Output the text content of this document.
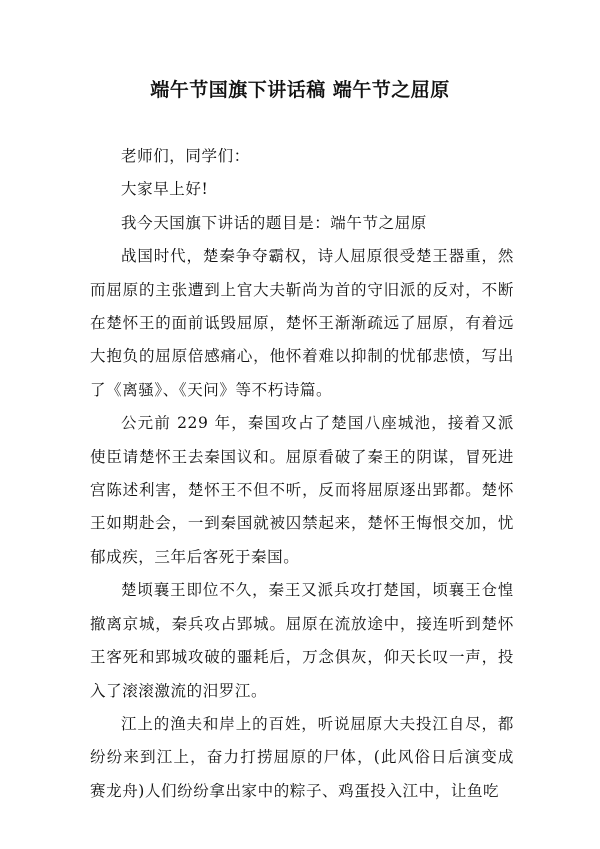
端午节国旗下讲话稿 端午节之屈原

老师们，同学们：

大家早上好!

我今天国旗下讲话的题目是：端午节之屈原

战国时代，楚秦争夺霸权，诗人屈原很受楚王器重，然而屈原的主张遭到上官大夫靳尚为首的守旧派的反对，不断在楚怀王的面前诋毁屈原，楚怀王渐渐疏远了屈原，有着远大抱负的屈原倍感痛心，他怀着难以抑制的忧郁悲愤，写出了《离骚》、《天问》等不朽诗篇。

公元前 229 年，秦国攻占了楚国八座城池，接着又派使臣请楚怀王去秦国议和。屈原看破了秦王的阴谋，冒死进宫陈述利害，楚怀王不但不听，反而将屈原逐出郢都。楚怀王如期赴会，一到秦国就被囚禁起来，楚怀王悔恨交加，忧郁成疾，三年后客死于秦国。

楚顷襄王即位不久，秦王又派兵攻打楚国，顷襄王仓惶撤离京城，秦兵攻占郢城。屈原在流放途中，接连听到楚怀王客死和郢城攻破的噩耗后，万念俱灰，仰天长叹一声，投入了滚滚激流的汨罗江。

江上的渔夫和岸上的百姓，听说屈原大夫投江自尽，都纷纷来到江上，奋力打捞屈原的尸体，(此风俗日后演变成赛龙舟)人们纷纷拿出家中的粽子、鸡蛋投入江中，让鱼吃
